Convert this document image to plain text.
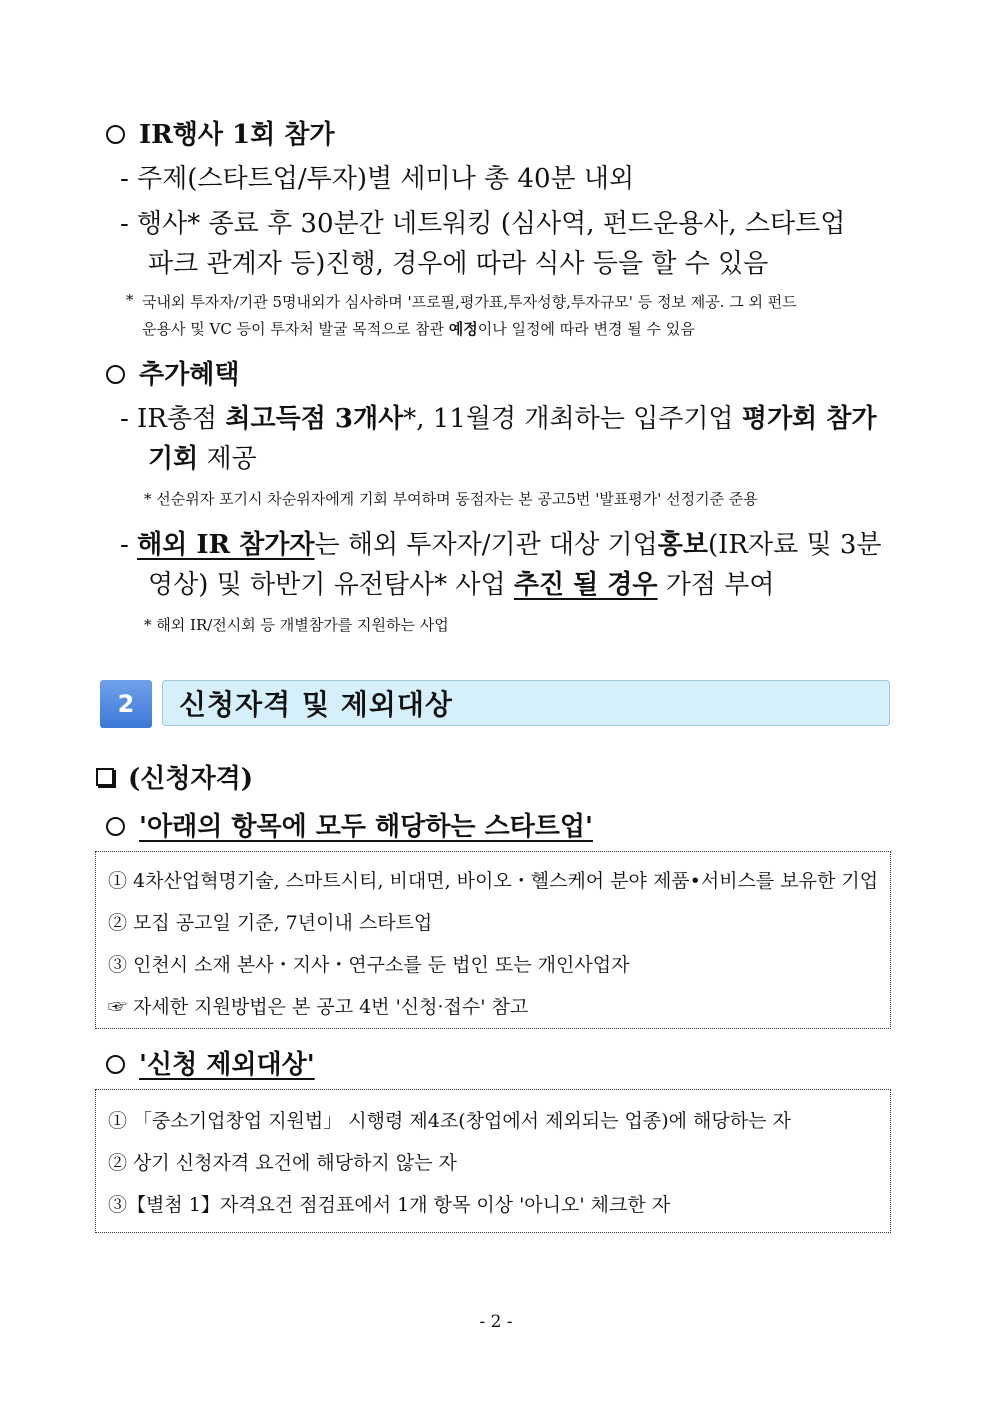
IR행사 1회 참가
- 주제(스타트업/투자)별 세미나 총 40분 내외
- 행사* 종료 후 30분간 네트워킹 (심사역, 펀드운용사, 스타트업
파크 관계자 등)진행, 경우에 따라 식사 등을 할 수 있음
* 국내외 투자자/기관 5명내외가 심사하며 '프로필,평가표,투자성향,투자규모' 등 정보 제공. 그 외 펀드
운용사 및 VC 등이 투자처 발굴 목적으로 참관 예정이나 일정에 따라 변경 될 수 있음
추가혜택
- IR총점 최고득점 3개사*, 11월경 개최하는 입주기업 평가회 참가
기회 제공
* 선순위자 포기시 차순위자에게 기회 부여하며 동점자는 본 공고5번 '발표평가' 선정기준 준용
- 해외 IR 참가자는 해외 투자자/기관 대상 기업홍보(IR자료 및 3분
영상) 및 하반기 유전탐사* 사업 추진 될 경우 가점 부여
* 해외 IR/전시회 등 개별참가를 지원하는 사업
2	신청자격 및 제외대상
(신청자격)
'아래의 항목에 모두 해당하는 스타트업'
① 4차산업혁명기술, 스마트시티, 비대면, 바이오・헬스케어 분야 제품•서비스를 보유한 기업
② 모집 공고일 기준, 7년이내 스타트업
③ 인천시 소재 본사・지사・연구소를 둔 법인 또는 개인사업자
☞ 자세한 지원방법은 본 공고 4번 '신청·접수' 참고
'신청 제외대상'
① 「중소기업창업 지원법」 시행령 제4조(창업에서 제외되는 업종)에 해당하는 자
② 상기 신청자격 요건에 해당하지 않는 자
③【별첨 1】자격요건 점검표에서 1개 항목 이상 '아니오' 체크한 자
- 2 -
